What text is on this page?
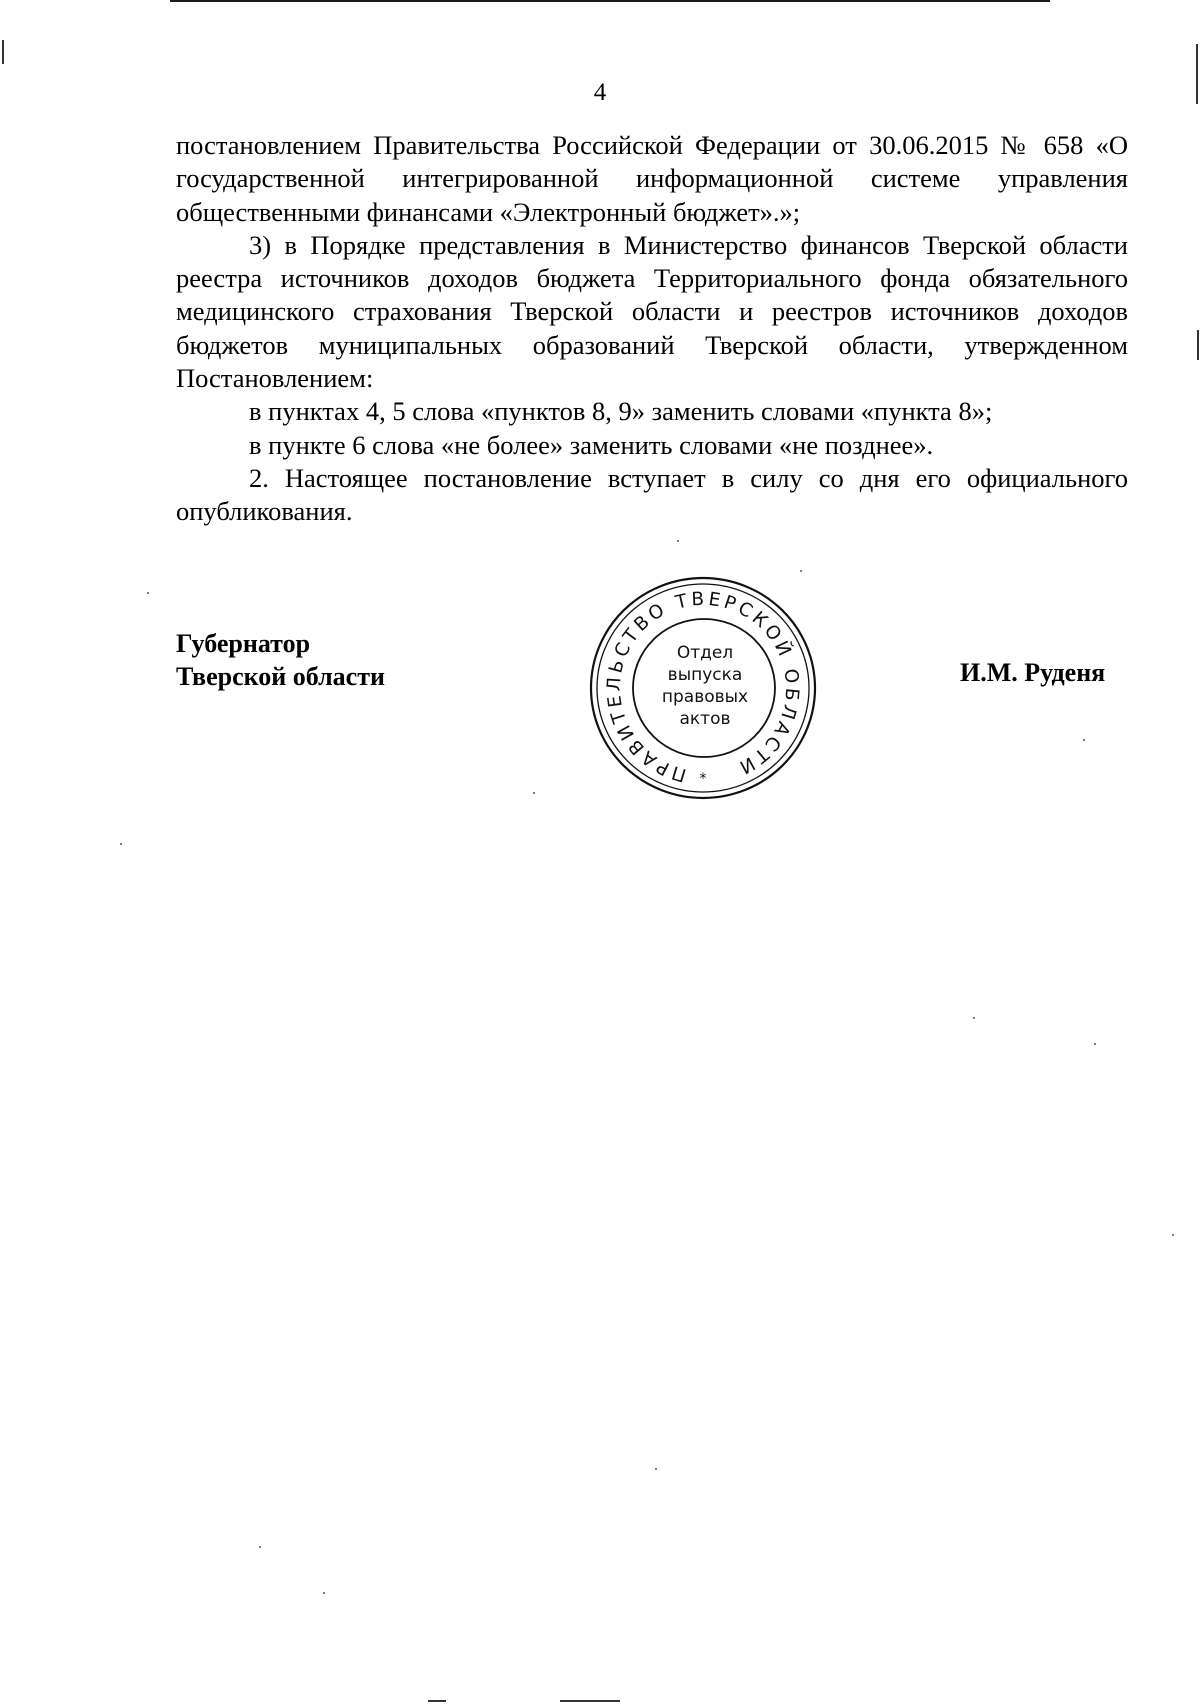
4

постановлением Правительства Российской Федерации от 30.06.2015 № 658 «О государственной интегрированной информационной системе управления общественными финансами «Электронный бюджет».»;

3) в Порядке представления в Министерство финансов Тверской области реестра источников доходов бюджета Территориального фонда обязательного медицинского страхования Тверской области и реестров источников доходов бюджетов муниципальных образований Тверской области, утвержденном Постановлением:

в пунктах 4, 5 слова «пунктов 8, 9» заменить словами «пункта 8»;

в пункте 6 слова «не более» заменить словами «не позднее».

2. Настоящее постановление вступает в силу со дня его официального опубликования.

Губернатор
Тверской области	И.М. Руденя
ПРАВИТЕЛЬСТВО ТВЕРСКОЙ ОБЛАСТИ
Отдел
выпуска
правовых
актов
*
